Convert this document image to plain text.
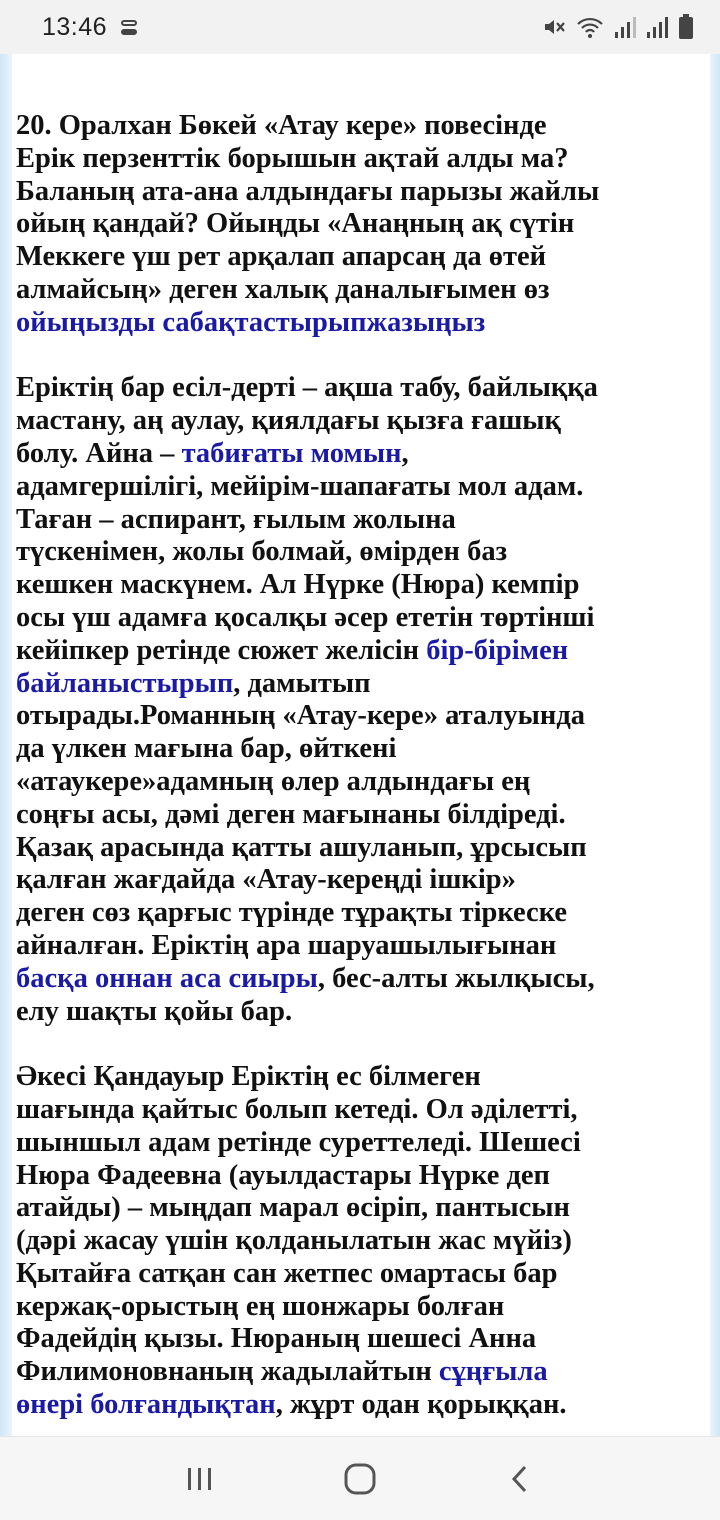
13:46
20. Оралхан Бөкей «Атау кере» повесінде
Ерік перзенттік борышын ақтай алды ма?
Баланың ата-ана алдындағы парызы жайлы
ойың қандай? Ойыңды «Анаңның ақ сүтін
Меккеге үш рет арқалап апарсаң да өтей
алмайсың» деген халық даналығымен өз
ойыңызды сабақтастырыпжазыңыз
Еріктің бар есіл-дерті – ақша табу, байлыққа
мастану, аң аулау, қиялдағы қызға ғашық
болу. Айна – табиғаты момын,
адамгершілігі, мейірім-шапағаты мол адам.
Таған – аспирант, ғылым жолына
түскенімен, жолы болмай, өмірден баз
кешкен маскүнем. Ал Нүрке (Нюра) кемпір
осы үш адамға қосалқы әсер ететін төртінші
кейіпкер ретінде сюжет желісін бір-бірімен
байланыстырып, дамытып
отырады.Романның «Атау-кере» аталуында
да үлкен мағына бар, өйткені
«атаукере»адамның өлер алдындағы ең
соңғы асы, дәмі деген мағынаны білдіреді.
Қазақ арасында қатты ашуланып, ұрсысып
қалған жағдайда «Атау-кереңді ішкір»
деген сөз қарғыс түрінде тұрақты тіркеске
айналған. Еріктің ара шаруашылығынан
басқа оннан аса сиыры, бес-алты жылқысы,
елу шақты қойы бар.
Әкесі Қандауыр Еріктің ес білмеген
шағында қайтыс болып кетеді. Ол әділетті,
шыншыл адам ретінде суреттеледі. Шешесі
Нюра Фадеевна (ауылдастары Нүрке деп
атайды) – мыңдап марал өсіріп, пантысын
(дәрі жасау үшін қолданылатын жас мүйіз)
Қытайға сатқан сан жетпес омартасы бар
кержақ-орыстың ең шонжары болған
Фадейдің қызы. Нюраның шешесі Анна
Филимоновнаның жадылайтын сұңғыла
өнері болғандықтан, жұрт одан қорыққан.
